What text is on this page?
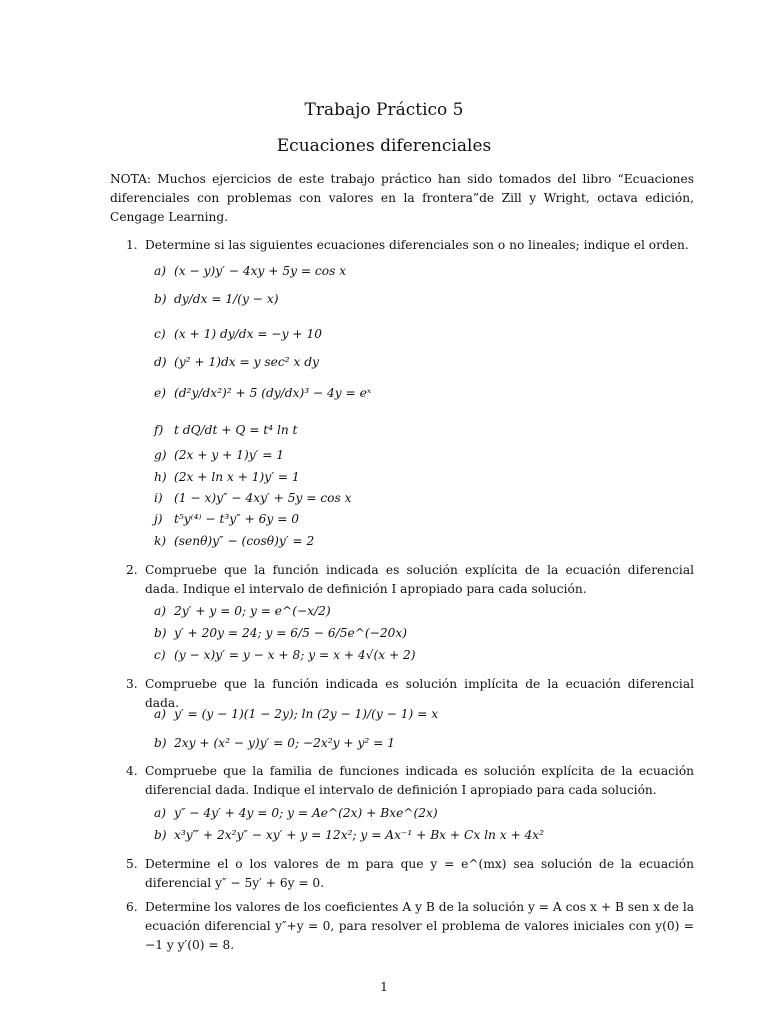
Trabajo Práctico 5
Ecuaciones diferenciales
NOTA: Muchos ejercicios de este trabajo práctico han sido tomados del libro “Ecuaciones diferenciales con problemas con valores en la frontera”de Zill y Wright, octava edición, Cengage Learning.
1. Determine si las siguientes ecuaciones diferenciales son o no lineales; indique el orden.
a) (x − y)y′ − 4xy + 5y = cos x
b) dy/dx = 1/(y − x)
c) (x + 1) dy/dx = −y + 10
d) (y² + 1)dx = y sec² x dy
e) (d²y/dx²)² + 5 (dy/dx)³ − 4y = eˣ
f) t dQ/dt + Q = t⁴ ln t
g) (2x + y + 1)y′ = 1
h) (2x + ln x + 1)y′ = 1
i) (1 − x)y″ − 4xy′ + 5y = cos x
j) t⁵y⁽⁴⁾ − t³y″ + 6y = 0
k) (senθ)y″ − (cosθ)y′ = 2
2. Compruebe que la función indicada es solución explícita de la ecuación diferencial dada. Indique el intervalo de definición I apropiado para cada solución.
a) 2y′ + y = 0; y = e^(−x/2)
b) y′ + 20y = 24; y = 6/5 − 6/5e^(−20x)
c) (y − x)y′ = y − x + 8; y = x + 4√(x + 2)
3. Compruebe que la función indicada es solución implícita de la ecuación diferencial dada.
a) y′ = (y − 1)(1 − 2y); ln (2y − 1)/(y − 1) = x
b) 2xy + (x² − y)y′ = 0; −2x²y + y² = 1
4. Compruebe que la familia de funciones indicada es solución explícita de la ecuación diferencial dada. Indique el intervalo de definición I apropiado para cada solución.
a) y″ − 4y′ + 4y = 0; y = Ae^(2x) + Bxe^(2x)
b) x³y‴ + 2x²y″ − xy′ + y = 12x²; y = Ax⁻¹ + Bx + Cx ln x + 4x²
5. Determine el o los valores de m para que y = e^(mx) sea solución de la ecuación diferencial y″ − 5y′ + 6y = 0.
6. Determine los valores de los coeficientes A y B de la solución y = A cos x + B sen x de la ecuación diferencial y″+y = 0, para resolver el problema de valores iniciales con y(0) = −1 y y′(0) = 8.
1
